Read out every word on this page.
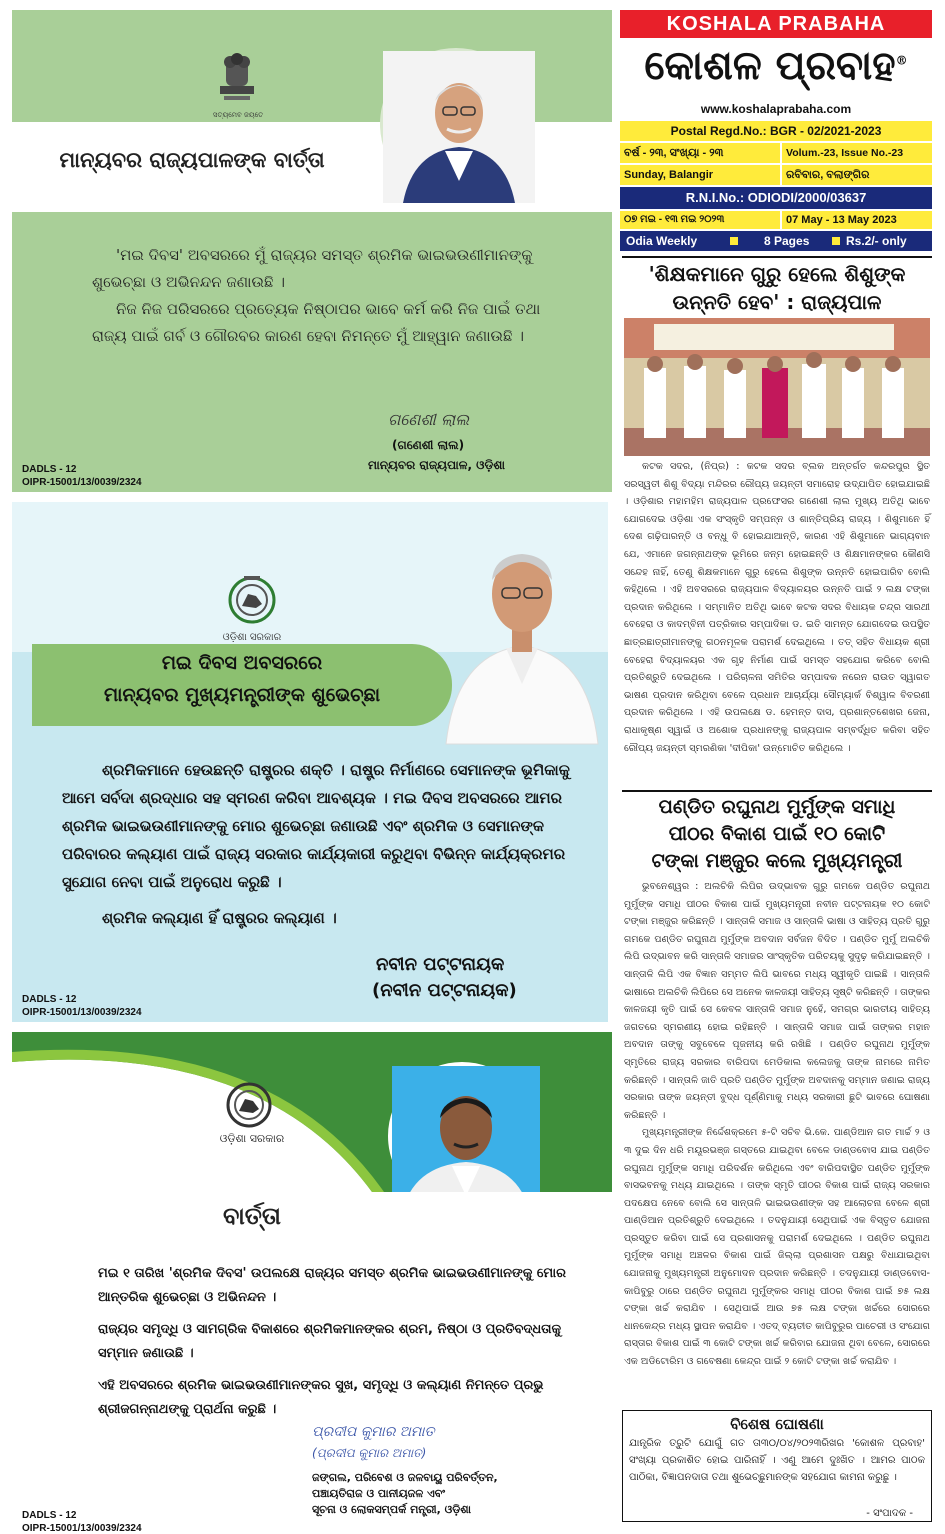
ସତ୍ୟମେବ ଜୟତେ
ମାନ୍ୟବର ରାଜ୍ୟପାଳଙ୍କ ବାର୍ତ୍ତା

'ମଇ ଦିବସ' ଅବସରରେ ମୁଁ ରାଜ୍ୟର ସମସ୍ତ ଶ୍ରମିକ ଭାଇଭଉଣୀମାନଙ୍କୁ ଶୁଭେଚ୍ଛା ଓ ଅଭିନନ୍ଦନ ଜଣାଉଛି ।

ନିଜ ନିଜ ପରିସରରେ ପ୍ରତ୍ୟେକ ନିଷ୍ଠାପର ଭାବେ କର୍ମ କରି ନିଜ ପାଇଁ ତଥା ରାଜ୍ୟ ପାଇଁ ଗର୍ବ ଓ ଗୌରବର କାରଣ ହେବା ନିମନ୍ତେ ମୁଁ ଆହ୍ୱାନ ଜଣାଉଛି ।

ଗଣେଶୀ ଲାଲ
(ଗଣେଶୀ ଲାଲ)
ମାନ୍ୟବର ରାଜ୍ୟପାଳ, ଓଡ଼ିଶା
DADLS - 12
OIPR-15001/13/0039/2324
ଓଡ଼ିଶା ସରକାର
ମଇ ଦିବସ ଅବସରରେ
ମାନ୍ୟବର ମୁଖ୍ୟମନ୍ତ୍ରୀଙ୍କ ଶୁଭେଚ୍ଛା

ଶ୍ରମିକମାନେ ହେଉଛନ୍ତି ରାଷ୍ଟ୍ରର ଶକ୍ତି । ରାଷ୍ଟ୍ର ନିର୍ମାଣରେ ସେମାନଙ୍କ ଭୂମିକାକୁ ଆମେ ସର୍ବଦା ଶ୍ରଦ୍ଧାର ସହ ସ୍ମରଣ କରିବା ଆବଶ୍ୟକ । ମଇ ଦିବସ ଅବସରରେ ଆମର ଶ୍ରମିକ ଭାଇଭଉଣୀମାନଙ୍କୁ ମୋର ଶୁଭେଚ୍ଛା ଜଣାଉଛି ଏବଂ ଶ୍ରମିକ ଓ ସେମାନଙ୍କ ପରିବାରର କଲ୍ୟାଣ ପାଇଁ ରାଜ୍ୟ ସରକାର କାର୍ଯ୍ୟକାରୀ କରୁଥିବା ବିଭିନ୍ନ କାର୍ଯ୍ୟକ୍ରମର ସୁଯୋଗ ନେବା ପାଇଁ ଅନୁରୋଧ କରୁଛି ।

ଶ୍ରମିକ କଲ୍ୟାଣ ହିଁ ରାଷ୍ଟ୍ରର କଲ୍ୟାଣ ।

ନବୀନ ପଟ୍ଟନାୟକ
(ନବୀନ ପଟ୍ଟନାୟକ)
DADLS - 12
OIPR-15001/13/0039/2324
ଓଡ଼ିଶା ସରକାର
ବାର୍ତ୍ତା

ମଇ ୧ ତାରିଖ 'ଶ୍ରମିକ ଦିବସ' ଉପଲକ୍ଷେ ରାଜ୍ୟର ସମସ୍ତ ଶ୍ରମିକ ଭାଇଭଉଣୀମାନଙ୍କୁ ମୋର ଆନ୍ତରିକ ଶୁଭେଚ୍ଛା ଓ ଅଭିନନ୍ଦନ ।

ରାଜ୍ୟର ସମୃଦ୍ଧି ଓ ସାମଗ୍ରିକ ବିକାଶରେ ଶ୍ରମିକମାନଙ୍କର ଶ୍ରମ, ନିଷ୍ଠା ଓ ପ୍ରତିବଦ୍ଧତାକୁ ସମ୍ମାନ ଜଣାଉଛି ।

ଏହି ଅବସରରେ ଶ୍ରମିକ ଭାଇଭଉଣୀମାନଙ୍କର ସୁଖ, ସମୃଦ୍ଧି ଓ କଲ୍ୟାଣ ନିମନ୍ତେ ପ୍ରଭୁ ଶ୍ରୀଜଗନ୍ନାଥଙ୍କୁ ପ୍ରାର୍ଥନା କରୁଛି ।

ପ୍ରଦୀପ କୁମାର ଅମାତ
(ପ୍ରଦୀପ କୁମାର ଅମାତ)
ଜଙ୍ଗଲ, ପରିବେଶ ଓ ଜଳବାୟୁ ପରିବର୍ତ୍ତନ,
ପଞ୍ଚାୟତିରାଜ ଓ ପାନୀୟଜଳ ଏବଂ
ସୂଚନା ଓ ଲୋକସମ୍ପର୍କ ମନ୍ତ୍ରୀ, ଓଡ଼ିଶା
DADLS - 12
OIPR-15001/13/0039/2324
KOSHALA PRABAHA
କୋଶଳ ପ୍ରବାହ®
www.koshalaprabaha.com
Postal Regd.No.: BGR - 02/2021-2023
ବର୍ଷ - ୨୩, ସଂଖ୍ୟା - ୨୩	Volum.-23, Issue No.-23
Sunday, Balangir	ରବିବାର, ବଲାଙ୍ଗିର
R.N.I.No.: ODIODI/2000/03637
୦୭ ମଇ - ୧୩ ମଇ ୨୦୨୩	07 May - 13 May 2023
Odia Weekly	8 Pages	Rs.2/- only
'ଶିକ୍ଷକମାନେ ଗୁରୁ ହେଲେ ଶିଶୁଙ୍କ
ଉନ୍ନତି ହେବ' : ରାଜ୍ୟପାଳ

କଟକ ସଦର, (ନିପ୍ର) : କଟକ ସଦର ବ୍ଲକ ଅନ୍ତର୍ଗତ କନ୍ଦରପୁର ସ୍ଥିତ ସରସ୍ୱତୀ ଶିଶୁ ବିଦ୍ୟା ମନ୍ଦିରର ରୌପ୍ୟ ଜୟନ୍ତୀ ସମାରୋହ ଉଦ୍‌ଯାପିତ ହୋଇଯାଇଛି । ଓଡ଼ିଶାର ମହାମହିମ ରାଜ୍ୟପାଳ ପ୍ରଫେସର ଗଣେଶୀ ଲାଲ ମୁଖ୍ୟ ଅତିଥି ଭାବେ ଯୋଗଦେଇ ଓଡ଼ିଶା ଏକ ସଂସ୍କୃତି ସମ୍ପନ୍ନ ଓ ଶାନ୍ତିପ୍ରିୟ ରାଜ୍ୟ । ଶିଶୁମାନେ ହିଁ ଦେଶ ଗଢ଼ିପାରନ୍ତି ଓ ବନ୍ଧୁ ବି ହୋଇଯାଆନ୍ତି, କାରଣ ଏହି ଶିଶୁମାନେ ଭାଗ୍ୟବାନ ଯେ, ଏମାନେ ଜଗନ୍ନାଥଙ୍କ ଭୂମିରେ ଜନ୍ମ ହୋଇଛନ୍ତି ଓ ଶିକ୍ଷମାନଙ୍କର କୌଣସି ସନ୍ଦେହ ନାହିଁ, ତେଣୁ ଶିକ୍ଷକମାନେ ଗୁରୁ ହେଲେ ଶିଶୁଙ୍କ ଉନ୍ନତି ହୋଇପାରିବ ବୋଲି କହିଥିଲେ । ଏହି ଅବସରରେ ରାଜ୍ୟପାଳ ବିଦ୍ୟାଳୟର ଉନ୍ନତି ପାଇଁ ୨ ଲକ୍ଷ ଟଙ୍କା ପ୍ରଦାନ କରିଥିଲେ । ସମ୍ମାନିତ ଅତିଥି ଭାବେ କଟକ ସଦର ବିଧାୟକ ଚନ୍ଦ୍ର ସାରଥୀ ବେହେରା ଓ କାଦମ୍ବିନୀ ପତ୍ରିକାର ସମ୍ପାଦିକା ଡ. ଇତି ସାମନ୍ତ ଯୋଗଦେଇ ଉପସ୍ଥିତ ଛାତ୍ରଛାତ୍ରୀମାନଙ୍କୁ ଗଠନମୂଳକ ପରାମର୍ଶ ଦେଇଥିଲେ । ତତ୍ ସହିତ ବିଧାୟକ ଶ୍ରୀ ବେହେରା ବିଦ୍ୟାଳୟର ଏକ ଗୃହ ନିର୍ମାଣ ପାଇଁ ସମସ୍ତ ସହଯୋଗ କରିବେ ବୋଲି ପ୍ରତିଶ୍ରୁତି ଦେଇଥିଲେ । ପରିଚାଳନା ସମିତିର ସମ୍ପାଦକ ନରେନ ରାଉତ ସ୍ୱାଗତ ଭାଷଣ ପ୍ରଦାନ କରିଥିବା ବେଳେ ପ୍ରଧାନ ଆଚାର୍ଯ୍ୟା ସୌମ୍ୟାର୍କ ବିଶ୍ୱାଳ ବିବରଣୀ ପ୍ରଦାନ କରିଥିଲେ । ଏହି ଉପଲକ୍ଷେ ଡ. ହେମନ୍ତ ଦାସ, ପ୍ରଶାନ୍ତଶେଖର ଜେନା, ରାଧାକୃଷ୍ଣ ସ୍ୱାଇଁ ଓ ଅଶୋକ ପ୍ରଧାନଙ୍କୁ ରାଜ୍ୟପାଳ ସମ୍ବର୍ଦ୍ଧିତ କରିବା ସହିତ ରୌପ୍ୟ ଜୟନ୍ତୀ ସ୍ମରଣିକା 'ଦୀପିକା' ଉନ୍ମୋଚିତ କରିଥିଲେ ।

ପଣ୍ଡିତ ରଘୁନାଥ ମୁର୍ମୁଙ୍କ ସମାଧି
ପୀଠର ବିକାଶ ପାଇଁ ୧୦ କୋଟି
ଟଙ୍କା ମଞ୍ଜୁର କଲେ ମୁଖ୍ୟମନ୍ତ୍ରୀ

ଭୁବନେଶ୍ୱର : ଅଲଚିକି ଲିପିର ଉଦ୍ଭାବକ ଗୁରୁ ଗମକେ ପଣ୍ଡିତ ରଘୁନାଥ ମୁର୍ମୁଙ୍କ ସମାଧି ପୀଠର ବିକାଶ ପାଇଁ ମୁଖ୍ୟମନ୍ତ୍ରୀ ନବୀନ ପଟ୍ଟନାୟକ ୧୦ କୋଟି ଟଙ୍କା ମଞ୍ଜୁର କରିଛନ୍ତି । ସାନ୍ତାଳି ସମାଜ ଓ ସାନ୍ତାଳି ଭାଷା ଓ ସାହିତ୍ୟ ପ୍ରତି ଗୁରୁ ଗମକେ ପଣ୍ଡିତ ରଘୁନାଥ ମୁର୍ମୁଙ୍କ ଅବଦାନ ସର୍ବଜନ ବିଦିତ । ପଣ୍ଡିତ ମୁର୍ମୁ ଅଲଚିକି ଲିପି ଉଦ୍ଭାବନ କରି ସାନ୍ତାଳି ସମାଜର ସାଂସ୍କୃତିକ ପରିଚୟକୁ ସୁଦୃଢ଼ କରିଯାଇଛନ୍ତି । ସାନ୍ତାଳି ଲିପି ଏକ ବିଜ୍ଞାନ ସମ୍ମତ ଲିପି ଭାବରେ ମଧ୍ୟ ସ୍ୱୀକୃତି ପାଇଛି । ସାନ୍ତାଳି ଭାଷାରେ ଅଲଚିକି ଲିପିରେ ସେ ଅନେକ କାଳଜୟୀ ସାହିତ୍ୟ ସୃଷ୍ଟି କରିଛନ୍ତି । ତାଙ୍କର କାଳଜୟୀ କୃତି ପାଇଁ ସେ କେବଳ ସାନ୍ତାଳି ସମାଜ ନୁହେଁ, ସମଗ୍ର ଭାରତୀୟ ସାହିତ୍ୟ ଜଗତରେ ସ୍ମରଣୀୟ ହୋଇ ରହିଛନ୍ତି । ସାନ୍ତାଳି ସମାଜ ପାଇଁ ତାଙ୍କର ମହାନ ଅବଦାନ ତାଙ୍କୁ ସବୁବେଳେ ପୂଜନୀୟ କରି ରଖିଛି । ପଣ୍ଡିତ ରଘୁନାଥ ମୁର୍ମୁଙ୍କ ସ୍ମୃତିରେ ରାଜ୍ୟ ସରକାର ବାରିପଦା ମେଡିକାଲ କଲେଜକୁ ତାଙ୍କ ନାମରେ ନାମିତ କରିଛନ୍ତି । ସାନ୍ତାଳି ଜାତି ପ୍ରତି ପଣ୍ଡିତ ମୁର୍ମୁଙ୍କ ଅବଦାନକୁ ସମ୍ମାନ ଜଣାଇ ରାଜ୍ୟ ସରକାର ତାଙ୍କ ଜୟନ୍ତୀ ବୁଦ୍ଧ ପୂର୍ଣ୍ଣିମାକୁ ମଧ୍ୟ ସରକାରୀ ଛୁଟି ଭାବରେ ଘୋଷଣା କରିଛନ୍ତି ।

ମୁଖ୍ୟମନ୍ତ୍ରୀଙ୍କ ନିର୍ଦ୍ଦେଶକ୍ରମେ ୫-ଟି ସଚିବ ଭି.କେ. ପାଣ୍ଡିଆନ ଗତ ମାର୍ଚ୍ଚ ୨ ଓ ୩ ଦୁଇ ଦିନ ଧରି ମୟୂରଭଞ୍ଜ ଗସ୍ତରେ ଯାଇଥିବା ବେଳେ ଡାଣ୍ଡବୋସ ଯାଇ ପଣ୍ଡିତ ରଘୁନାଥ ମୁର୍ମୁଙ୍କ ସମାଧି ପରିଦର୍ଶନ କରିଥିଲେ ଏବଂ ବାରିପଦାସ୍ଥିତ ପଣ୍ଡିତ ମୁର୍ମୁଙ୍କ ବାସଭବନକୁ ମଧ୍ୟ ଯାଇଥିଲେ । ତାଙ୍କ ସ୍ମୃତି ପୀଠର ବିକାଶ ପାଇଁ ରାଜ୍ୟ ସରକାର ପଦକ୍ଷେପ ନେବେ ବୋଲି ସେ ସାନ୍ତାଳି ଭାଇଭଉଣୀଙ୍କ ସହ ଆଲୋଚନା ବେଳେ ଶ୍ରୀ ପାଣ୍ଡିଆନ ପ୍ରତିଶ୍ରୁତି ଦେଇଥିଲେ । ତଦନୁଯାୟୀ ସେଥିପାଇଁ ଏକ ବିସ୍ତୃତ ଯୋଜନା ପ୍ରସ୍ତୁତ କରିବା ପାଇଁ ସେ ପ୍ରଶାସନକୁ ପରାମର୍ଶ ଦେଇଥିଲେ । ପଣ୍ଡିତ ରଘୁନାଥ ମୁର୍ମୁଙ୍କ ସମାଧି ଅଞ୍ଚଳର ବିକାଶ ପାଇଁ ଜିଲ୍ଲା ପ୍ରଶାସନ ପକ୍ଷରୁ ବିଧାଯାଇଥିବା ଯୋଜନାକୁ ମୁଖ୍ୟମନ୍ତ୍ରୀ ଅନୁମୋଦନ ପ୍ରଦାନ କରିଛନ୍ତି । ତଦନୁଯାୟୀ ଡାଣ୍ଡବୋସ-କାପିବୁରୁ ଠାରେ ପଣ୍ଡିତ ରଘୁନାଥ ମୁର୍ମୁଙ୍କର ସମାଧି ପୀଠର ବିକାଶ ପାଇଁ ୭୫ ଲକ୍ଷ ଟଙ୍କା ଖର୍ଚ୍ଚ କରାଯିବ । ସେଥିପାଇଁ ଆଉ ୭୫ ଲକ୍ଷ ଟଙ୍କା ଖର୍ଚ୍ଚରେ ସୋରରେ ଧାନକେନ୍ଦ୍ର ମଧ୍ୟ ସ୍ଥାପନ କରାଯିବ । ଏତଦ୍‌ ବ୍ୟତୀତ କାପିବୁରୁର ପାଚେରୀ ଓ ସଂଯୋଗ ରାସ୍ତାର ବିକାଶ ପାଇଁ ୩ କୋଟି ଟଙ୍କା ଖର୍ଚ୍ଚ କରିବାର ଯୋଜନା ଥିବା ବେଳେ, ସୋରରେ ଏକ ଅଡିଟୋରିମ ଓ ଗବେଷଣା କେନ୍ଦ୍ର ପାଇଁ ୨ କୋଟି ଟଙ୍କା ଖର୍ଚ୍ଚ କରାଯିବ ।

ବିଶେଷ ଘୋଷଣା
ଯାନ୍ତ୍ରିକ ତ୍ରୁଟି ଯୋଗୁଁ ଗତ ତା୩୦/୦୪/୨୦୨୩ରିଖର 'କୋଶଳ ପ୍ରବାହ' ସଂଖ୍ୟା ପ୍ରକାଶିତ ହୋଇ ପାରିନାହିଁ । ଏଣୁ ଆମେ ଦୁଃଖିତ । ଆମର ପାଠକ ପାଠିକା, ବିଜ୍ଞାପନଦାତା ତଥା ଶୁଭେଚ୍ଛୁମାନଙ୍କ ସହଯୋଗ କାମନା କରୁଛୁ ।
- ସଂପାଦକ -
